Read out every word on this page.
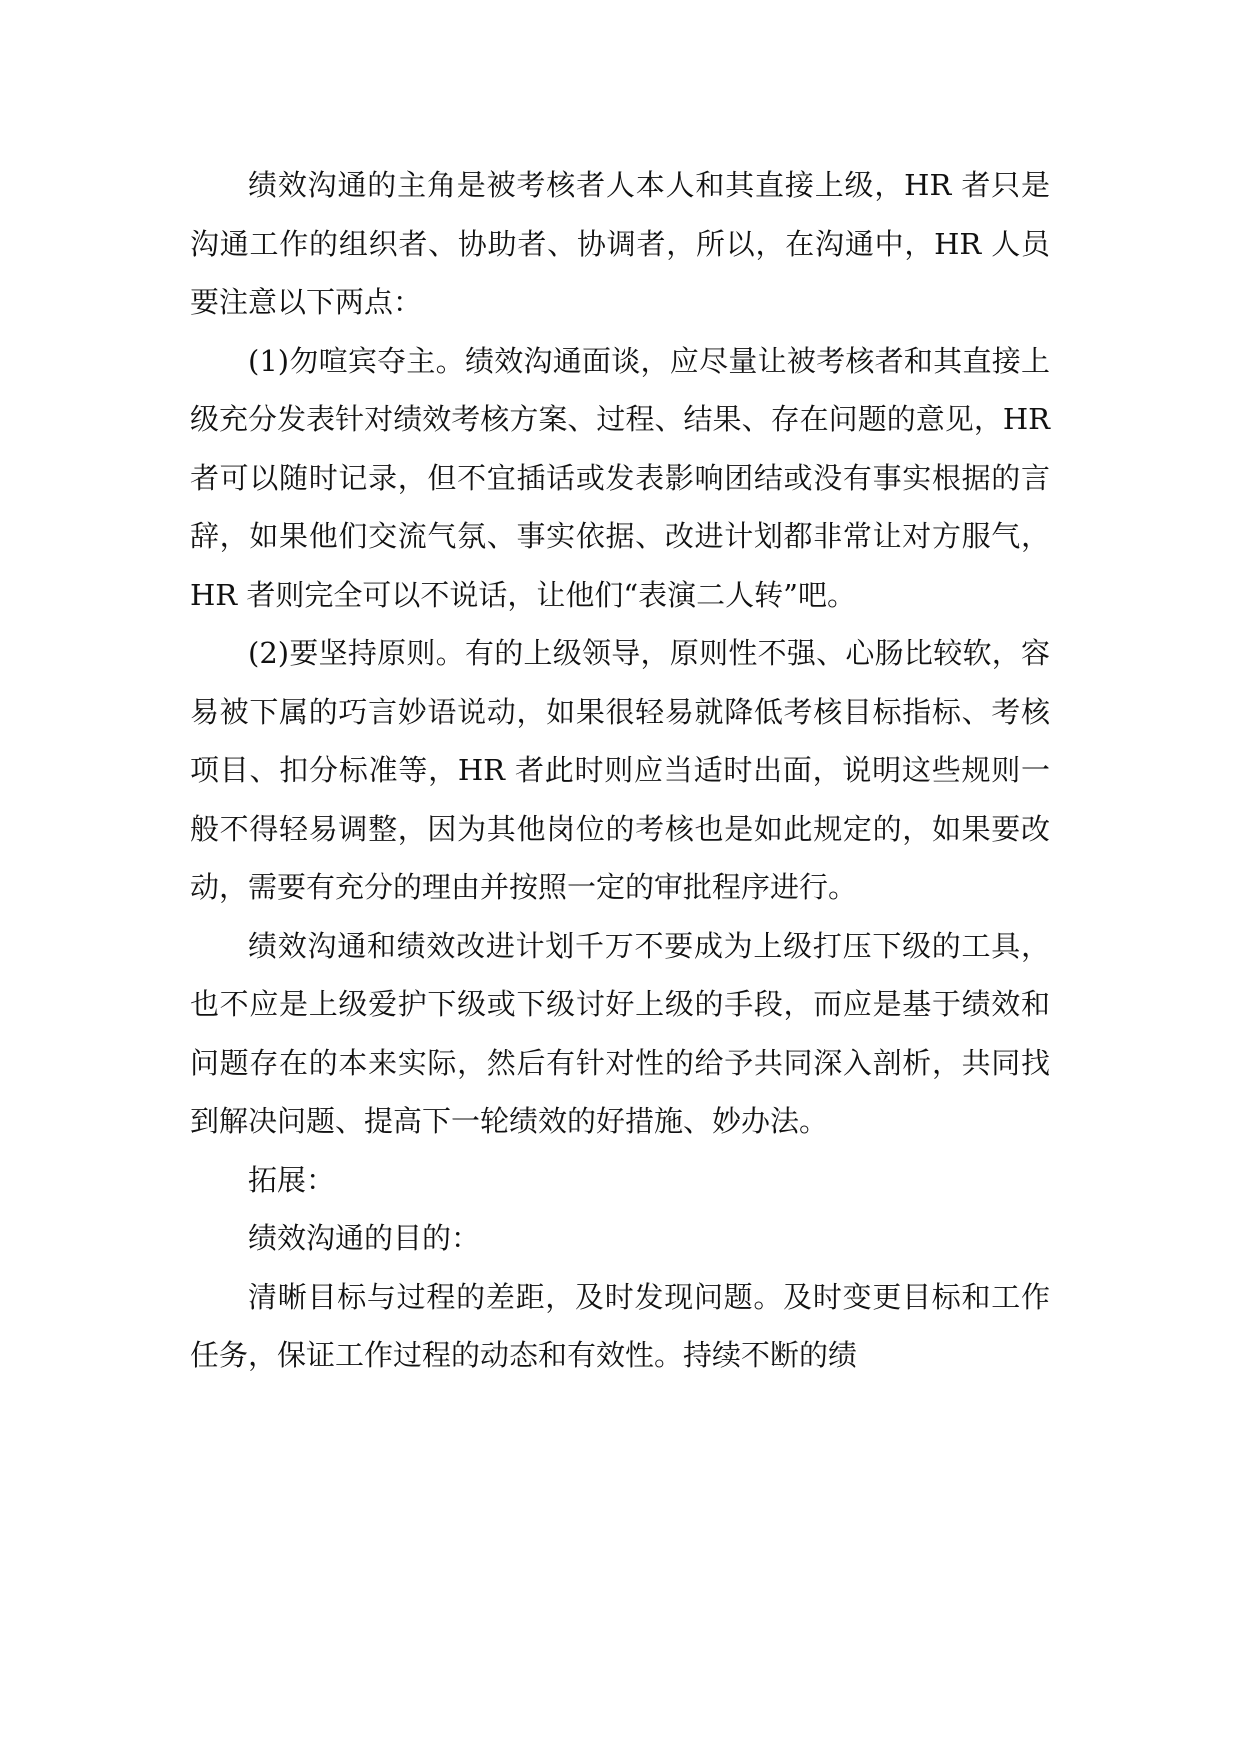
绩效沟通的主角是被考核者人本人和其直接上级，HR 者只是沟通工作的组织者、协助者、协调者，所以，在沟通中，HR 人员要注意以下两点：

(1)勿喧宾夺主。绩效沟通面谈，应尽量让被考核者和其直接上级充分发表针对绩效考核方案、过程、结果、存在问题的意见，HR 者可以随时记录，但不宜插话或发表影响团结或没有事实根据的言辞，如果他们交流气氛、事实依据、改进计划都非常让对方服气，HR 者则完全可以不说话，让他们“表演二人转”吧。

(2)要坚持原则。有的上级领导，原则性不强、心肠比较软，容易被下属的巧言妙语说动，如果很轻易就降低考核目标指标、考核项目、扣分标准等，HR 者此时则应当适时出面，说明这些规则一般不得轻易调整，因为其他岗位的考核也是如此规定的，如果要改动，需要有充分的理由并按照一定的审批程序进行。

绩效沟通和绩效改进计划千万不要成为上级打压下级的工具，也不应是上级爱护下级或下级讨好上级的手段，而应是基于绩效和问题存在的本来实际，然后有针对性的给予共同深入剖析，共同找到解决问题、提高下一轮绩效的好措施、妙办法。

拓展：

绩效沟通的目的：

清晰目标与过程的差距，及时发现问题。及时变更目标和工作任务，保证工作过程的动态和有效性。持续不断的绩
